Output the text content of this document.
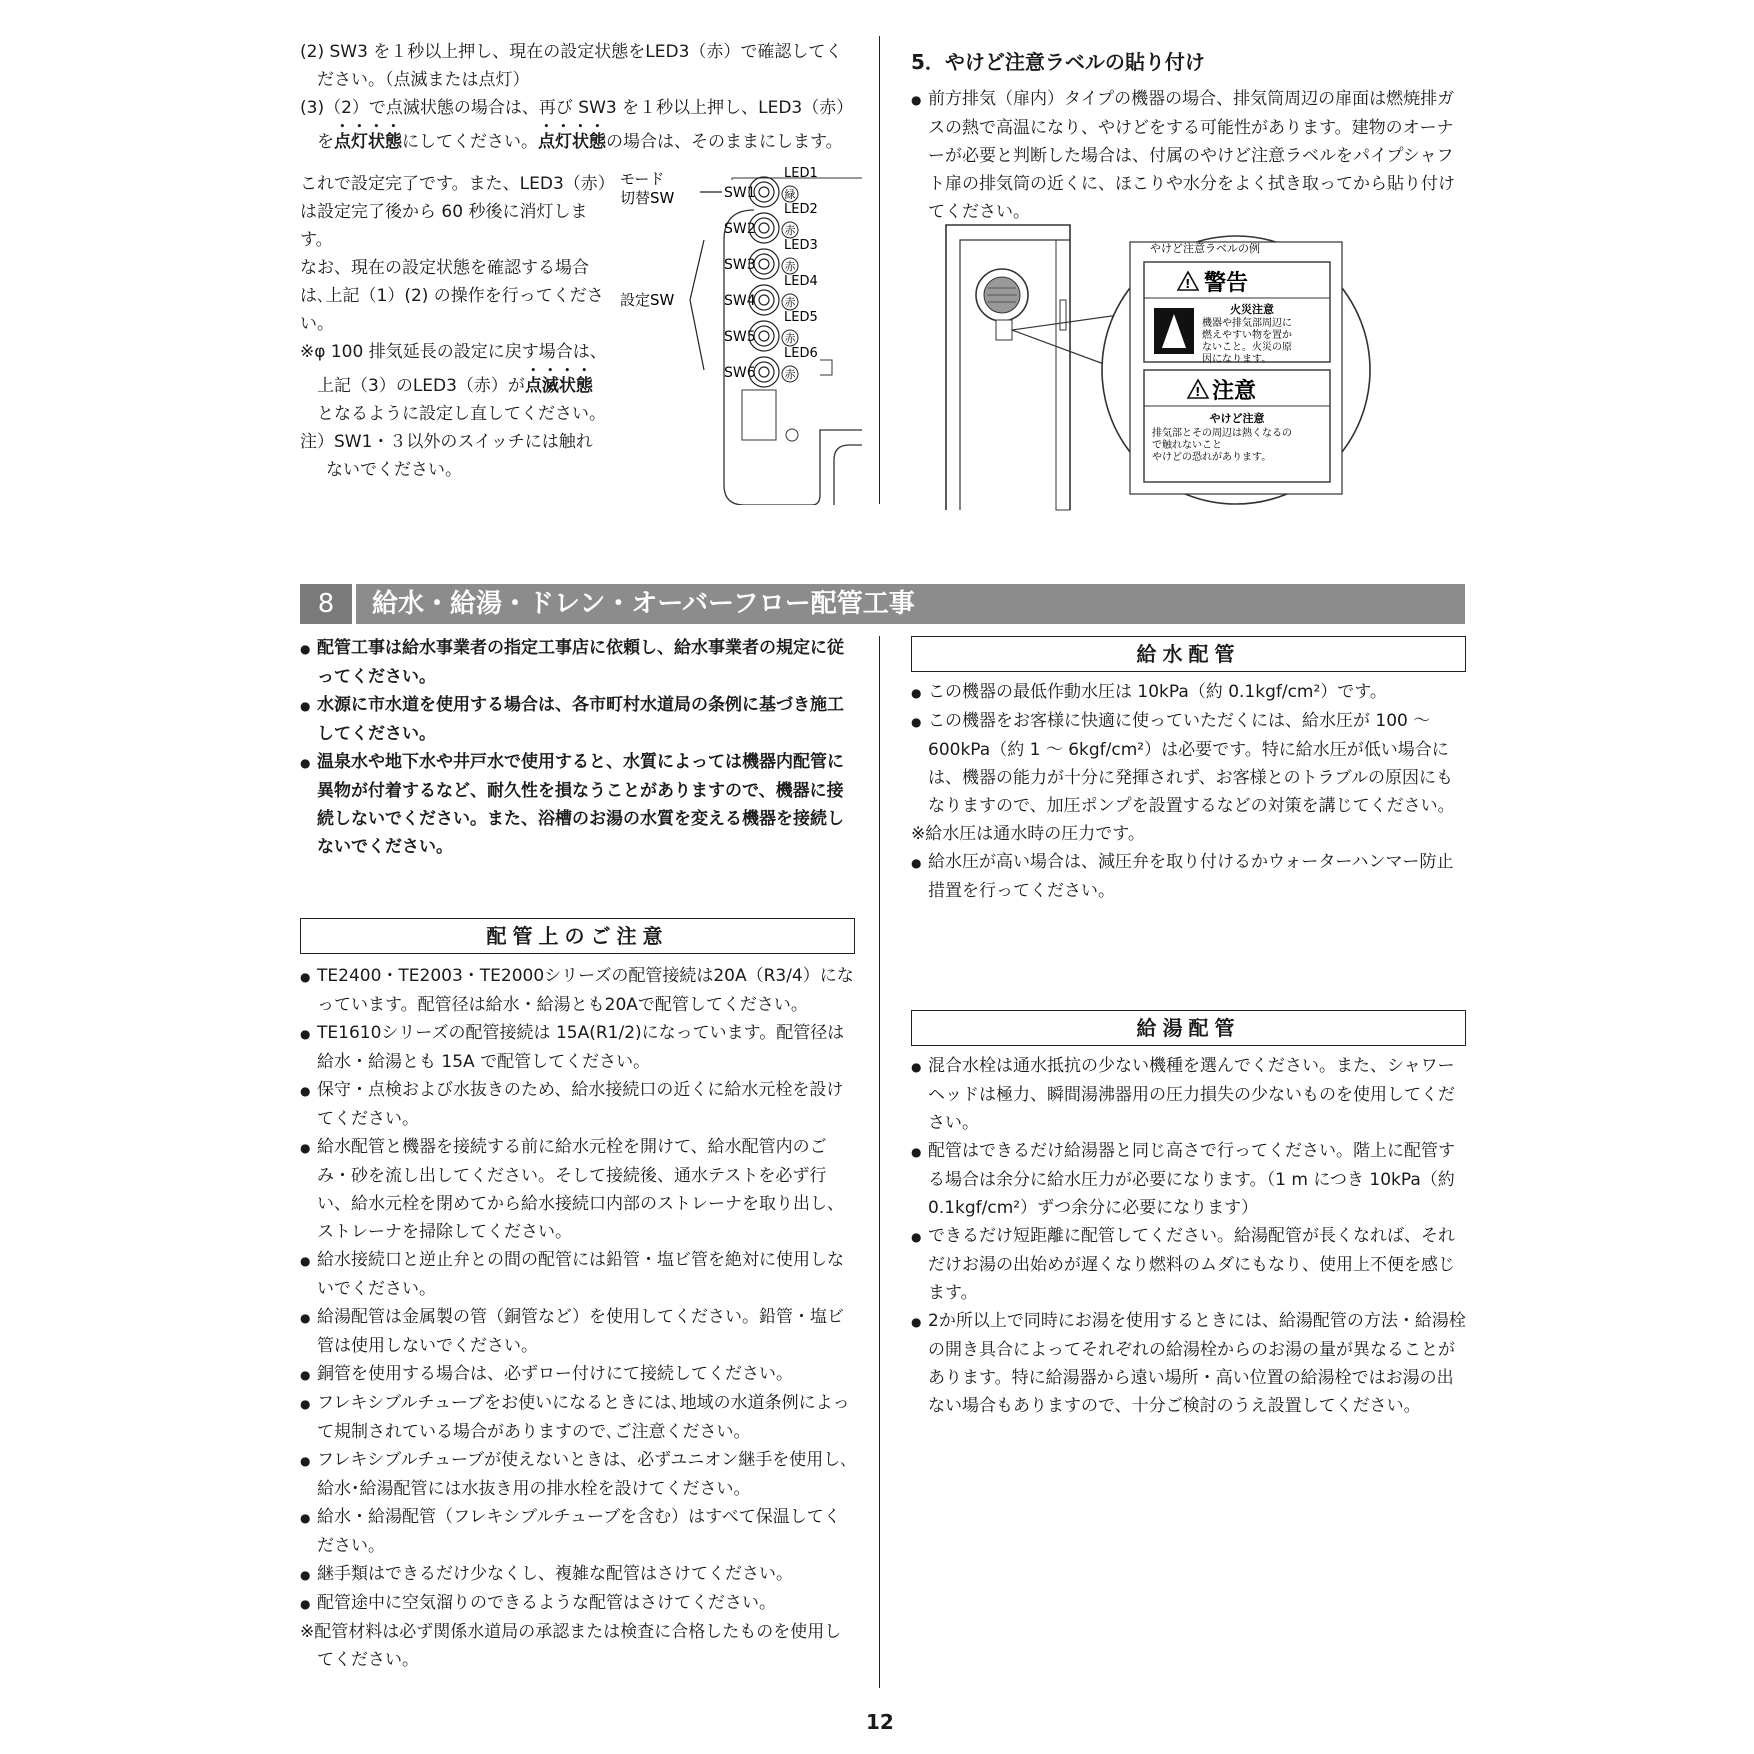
(2) SW3 を１秒以上押し、現在の設定状態をLED3（赤）で確認してください。（点滅または点灯）

(3)（2）で点滅状態の場合は、再び SW3 を１秒以上押し、LED3（赤）を点灯状態にしてください。点灯状態の場合は、そのままにします。

これで設定完了です。また、LED3（赤）は設定完了後から 60 秒後に消灯します。

なお、現在の設定状態を確認する場合は､上記（1）(2) の操作を行ってください。

※φ 100 排気延長の設定に戻す場合は、上記（3）のLED3（赤）が点滅状態となるように設定し直してください。

注）SW1・３以外のスイッチには触れないでください。

モード
切替SW
設定SW
SW1	緑
LED1
SW2	赤
LED2
SW3	赤
LED3
SW4	赤
LED4
SW5	赤
LED5
SW6	赤
LED6
5．やけど注意ラベルの貼り付け
● 前方排気（扉内）タイプの機器の場合、排気筒周辺の扉面は燃焼排ガスの熱で高温になり、やけどをする可能性があります。建物のオーナーが必要と判断した場合は、付属のやけど注意ラベルをパイプシャフト扉の排気筒の近くに、ほこりや水分をよく拭き取ってから貼り付けてください。
やけど注意ラベルの例
! 警告
火災注意
機器や排気部周辺に
燃えやすい物を置か
ないこと。火災の原
因になります。
! 注意
やけど注意
排気部とその周辺は熱くなるの
で触れないこと
やけどの恐れがあります。
8	給水・給湯・ドレン・オーバーフロー配管工事
● 配管工事は給水事業者の指定工事店に依頼し、給水事業者の規定に従ってください。
● 水源に市水道を使用する場合は、各市町村水道局の条例に基づき施工してください。
● 温泉水や地下水や井戸水で使用すると、水質によっては機器内配管に異物が付着するなど、耐久性を損なうことがありますので、機器に接続しないでください。また、浴槽のお湯の水質を変える機器を接続しないでください。
配管上のご注意
● TE2400・TE2003・TE2000シリーズの配管接続は20A（R3/4）になっています。配管径は給水・給湯とも20Aで配管してください。
● TE1610シリーズの配管接続は 15A(R1/2)になっています。配管径は給水・給湯とも 15A で配管してください。
● 保守・点検および水抜きのため、給水接続口の近くに給水元栓を設けてください。
● 給水配管と機器を接続する前に給水元栓を開けて、給水配管内のごみ・砂を流し出してください。そして接続後、通水テストを必ず行い、給水元栓を閉めてから給水接続口内部のストレーナを取り出し、ストレーナを掃除してください。
● 給水接続口と逆止弁との間の配管には鉛管・塩ビ管を絶対に使用しないでください。
● 給湯配管は金属製の管（銅管など）を使用してください。鉛管・塩ビ管は使用しないでください。
● 銅管を使用する場合は、必ずロー付けにて接続してください。
● フレキシブルチューブをお使いになるときには､地域の水道条例によって規制されている場合がありますので､ご注意ください。
● フレキシブルチューブが使えないときは、必ずユニオン継手を使用し､給水･給湯配管には水抜き用の排水栓を設けてください。
● 給水・給湯配管（フレキシブルチューブを含む）はすべて保温してください。
● 継手類はできるだけ少なくし、複雑な配管はさけてください。
● 配管途中に空気溜りのできるような配管はさけてください。

※配管材料は必ず関係水道局の承認または検査に合格したものを使用してください。

給水配管
● この機器の最低作動水圧は 10kPa（約 0.1kgf/cm²）です。
● この機器をお客様に快適に使っていただくには、給水圧が 100 ～ 600kPa（約 1 ～ 6kgf/cm²）は必要です。特に給水圧が低い場合には、機器の能力が十分に発揮されず、お客様とのトラブルの原因にもなりますので、加圧ポンプを設置するなどの対策を講じてください。

※給水圧は通水時の圧力です。

● 給水圧が高い場合は、減圧弁を取り付けるかウォーターハンマー防止措置を行ってください。
給湯配管
● 混合水栓は通水抵抗の少ない機種を選んでください。また、シャワーヘッドは極力、瞬間湯沸器用の圧力損失の少ないものを使用してください。
● 配管はできるだけ給湯器と同じ高さで行ってください。階上に配管する場合は余分に給水圧力が必要になります。（1 m につき 10kPa（約 0.1kgf/cm²）ずつ余分に必要になります）
● できるだけ短距離に配管してください。給湯配管が長くなれば、それだけお湯の出始めが遅くなり燃料のムダにもなり、使用上不便を感じます。
● 2か所以上で同時にお湯を使用するときには、給湯配管の方法・給湯栓の開き具合によってそれぞれの給湯栓からのお湯の量が異なることがあります。特に給湯器から遠い場所・高い位置の給湯栓ではお湯の出ない場合もありますので、十分ご検討のうえ設置してください。
12
